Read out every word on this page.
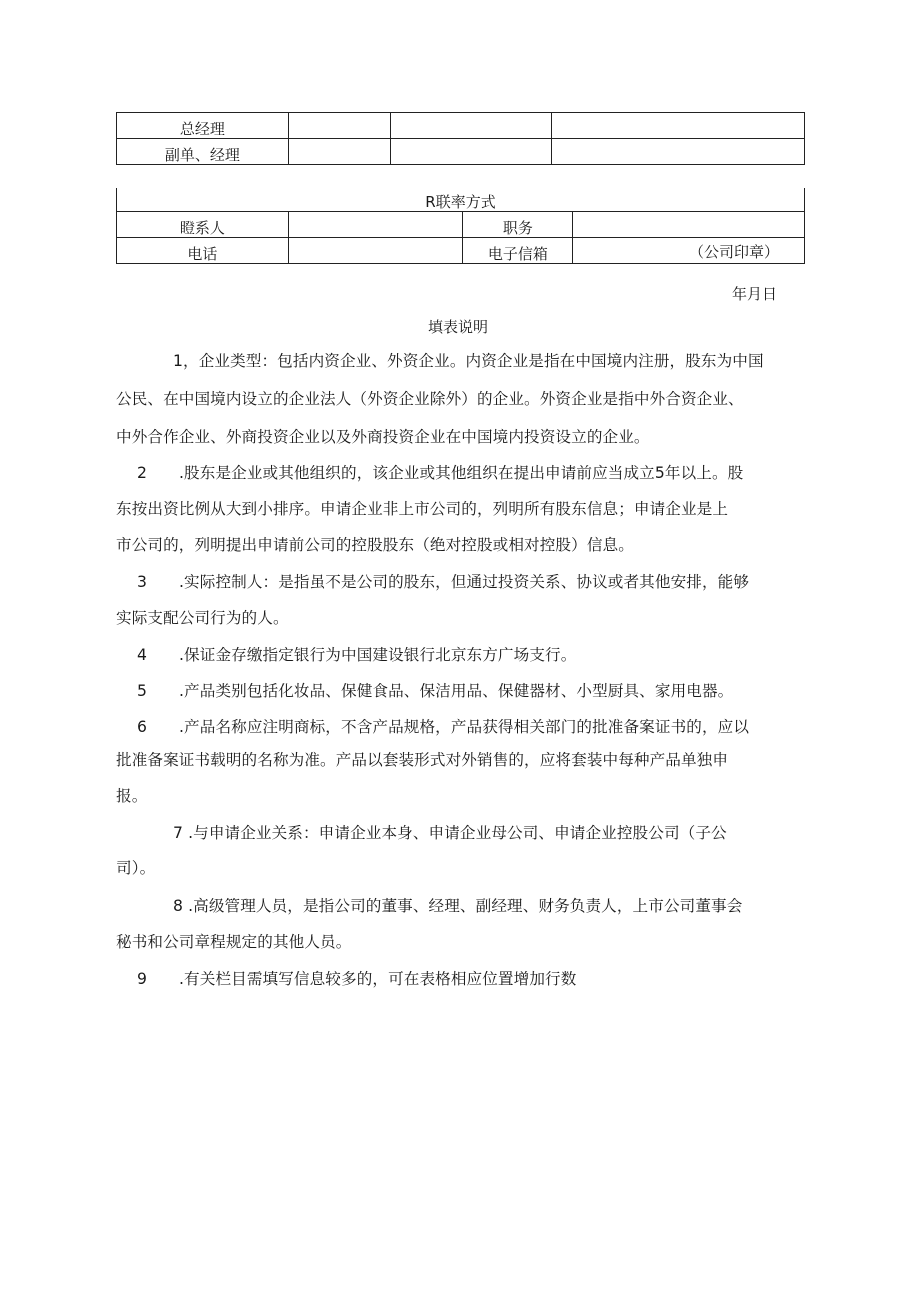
总经理			
副单、经理			
R联率方式			
瞪系人		职务	
电话		电子信箱		（公司印章）
年月日
填表说明
1，企业类型：包括内资企业、外资企业。内资企业是指在中国境内注册，股东为中国
公民、在中国境内设立的企业法人（外资企业除外）的企业。外资企业是指中外合资企业、
中外合作企业、外商投资企业以及外商投资企业在中国境内投资设立的企业。
2 .股东是企业或其他组织的，该企业或其他组织在提出申请前应当成立5年以上。股
东按出资比例从大到小排序。申请企业非上市公司的，列明所有股东信息；申请企业是上
市公司的，列明提出申请前公司的控股股东（绝对控股或相对控股）信息。
3 .实际控制人：是指虽不是公司的股东，但通过投资关系、协议或者其他安排，能够
实际支配公司行为的人。
4 .保证金存缴指定银行为中国建设银行北京东方广场支行。
5 .产品类别包括化妆品、保健食品、保洁用品、保健器材、小型厨具、家用电器。
6 .产品名称应注明商标，不含产品规格，产品获得相关部门的批准备案证书的，应以
批准备案证书载明的名称为准。产品以套装形式对外销售的，应将套装中每种产品单独申
报。
7 .与申请企业关系：申请企业本身、申请企业母公司、申请企业控股公司（子公
司）。
8 .高级管理人员，是指公司的董事、经理、副经理、财务负责人，上市公司董事会
秘书和公司章程规定的其他人员。
9 .有关栏目需填写信息较多的，可在表格相应位置增加行数
